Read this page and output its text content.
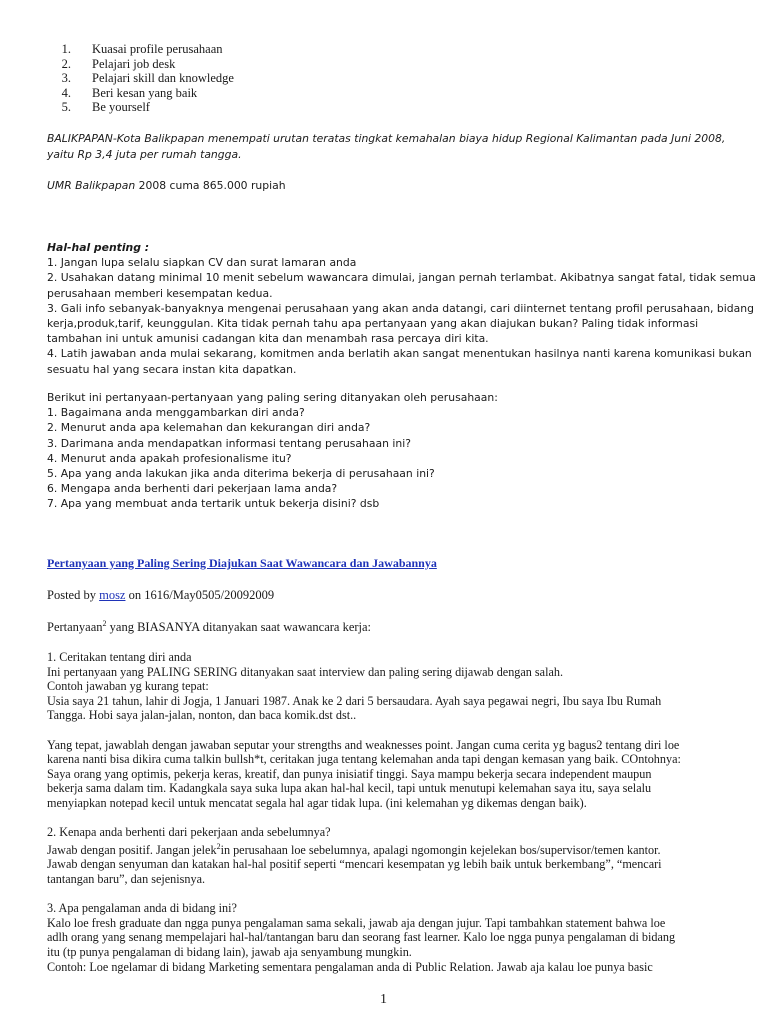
1. Kuasai profile perusahaan
2. Pelajari job desk
3. Pelajari skill dan knowledge
4. Beri kesan yang baik
5. Be yourself
BALIKPAPAN-Kota Balikpapan menempati urutan teratas tingkat kemahalan biaya hidup Regional Kalimantan pada Juni 2008,
yaitu Rp 3,4 juta per rumah tangga.
UMR Balikpapan 2008 cuma 865.000 rupiah

Hal-hal penting :

1. Jangan lupa selalu siapkan CV dan surat lamaran anda

2. Usahakan datang minimal 10 menit sebelum wawancara dimulai, jangan pernah terlambat. Akibatnya sangat fatal, tidak semua

perusahaan memberi kesempatan kedua.

3. Gali info sebanyak-banyaknya mengenai perusahaan yang akan anda datangi, cari diinternet tentang profil perusahaan, bidang

kerja,produk,tarif, keunggulan. Kita tidak pernah tahu apa pertanyaan yang akan diajukan bukan? Paling tidak informasi

tambahan ini untuk amunisi cadangan kita dan menambah rasa percaya diri kita.

4. Latih jawaban anda mulai sekarang, komitmen anda berlatih akan sangat menentukan hasilnya nanti karena komunikasi bukan

sesuatu hal yang secara instan kita dapatkan.

Berikut ini pertanyaan-pertanyaan yang paling sering ditanyakan oleh perusahaan:

1. Bagaimana anda menggambarkan diri anda?

2. Menurut anda apa kelemahan dan kekurangan diri anda?

3. Darimana anda mendapatkan informasi tentang perusahaan ini?

4. Menurut anda apakah profesionalisme itu?

5. Apa yang anda lakukan jika anda diterima bekerja di perusahaan ini?

6. Mengapa anda berhenti dari pekerjaan lama anda?

7. Apa yang membuat anda tertarik untuk bekerja disini? dsb

Pertanyaan yang Paling Sering Diajukan Saat Wawancara dan Jawabannya
Posted by mosz on 1616/May0505/20092009
Pertanyaan$^2$ yang BIASANYA ditanyakan saat wawancara kerja:

1. Ceritakan tentang diri anda

Ini pertanyaan yang PALING SERING ditanyakan saat interview dan paling sering dijawab dengan salah.

Contoh jawaban yg kurang tepat:

Usia saya 21 tahun, lahir di Jogja, 1 Januari 1987. Anak ke 2 dari 5 bersaudara. Ayah saya pegawai negri, Ibu saya Ibu Rumah

Tangga. Hobi saya jalan-jalan, nonton, dan baca komik.dst dst..

Yang tepat, jawablah dengan jawaban seputar your strengths and weaknesses point. Jangan cuma cerita yg bagus2 tentang diri loe

karena nanti bisa dikira cuma talkin bullsh*t, ceritakan juga tentang kelemahan anda tapi dengan kemasan yang baik. COntohnya:

Saya orang yang optimis, pekerja keras, kreatif, dan punya inisiatif tinggi. Saya mampu bekerja secara independent maupun

bekerja sama dalam tim. Kadangkala saya suka lupa akan hal-hal kecil, tapi untuk menutupi kelemahan saya itu, saya selalu

menyiapkan notepad kecil untuk mencatat segala hal agar tidak lupa. (ini kelemahan yg dikemas dengan baik).

2. Kenapa anda berhenti dari pekerjaan anda sebelumnya?

Jawab dengan positif. Jangan jelek$^2$in perusahaan loe sebelumnya, apalagi ngomongin kejelekan bos/supervisor/temen kantor.

Jawab dengan senyuman dan katakan hal-hal positif seperti “mencari kesempatan yg lebih baik untuk berkembang”, “mencari

tantangan baru”, dan sejenisnya.

3. Apa pengalaman anda di bidang ini?

Kalo loe fresh graduate dan ngga punya pengalaman sama sekali, jawab aja dengan jujur. Tapi tambahkan statement bahwa loe

adlh orang yang senang mempelajari hal-hal/tantangan baru dan seorang fast learner. Kalo loe ngga punya pengalaman di bidang

itu (tp punya pengalaman di bidang lain), jawab aja senyambung mungkin.

Contoh: Loe ngelamar di bidang Marketing sementara pengalaman anda di Public Relation. Jawab aja kalau loe punya basic

1
